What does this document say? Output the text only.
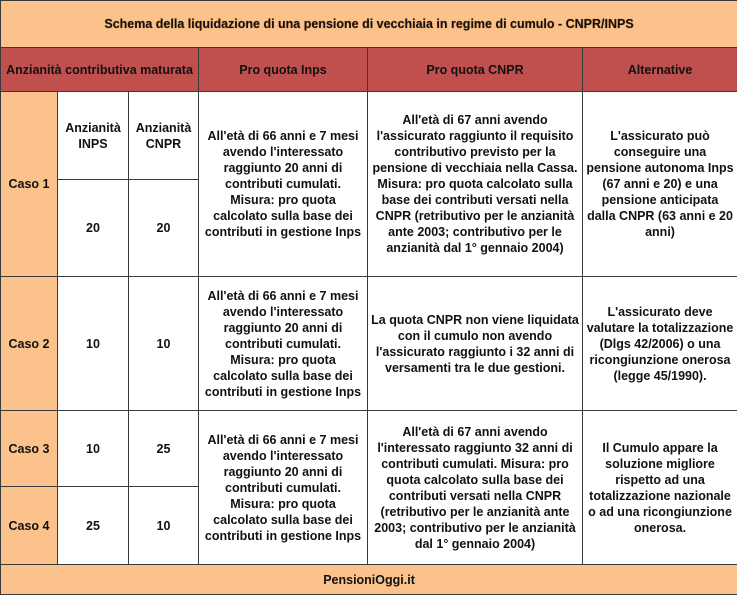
Schema della liquidazione di una pensione di vecchiaia in regime di cumulo - CNPR/INPS					
Anzianità contributiva maturata			Pro quota Inps	Pro quota CNPR	Alternative
Caso 1	Anzianità INPS	Anzianità CNPR	All'età di 66 anni e 7 mesi avendo l'interessato raggiunto 20 anni di contributi cumulati. Misura: pro quota calcolato sulla base dei contributi in gestione Inps	All'età di 67 anni avendo l'assicurato raggiunto il requisito contributivo previsto per la pensione di vecchiaia nella Cassa. Misura: pro quota calcolato sulla base dei contributi versati nella CNPR (retributivo per le anzianità ante 2003; contributivo per le anzianità dal 1° gennaio 2004)	L'assicurato può conseguire una pensione autonoma Inps (67 anni e 20) e una pensione anticipata dalla CNPR (63 anni e 20 anni)
	20	20			
Caso 2	10	10	All'età di 66 anni e 7 mesi avendo l'interessato raggiunto 20 anni di contributi cumulati. Misura: pro quota calcolato sulla base dei contributi in gestione Inps	La quota CNPR non viene liquidata con il cumulo non avendo l'assicurato raggiunto i 32 anni di versamenti tra le due gestioni.	L'assicurato deve valutare la totalizzazione (Dlgs 42/2006) o una ricongiunzione onerosa (legge 45/1990).
Caso 3	10	25	All'età di 66 anni e 7 mesi avendo l'interessato raggiunto 20 anni di contributi cumulati. Misura: pro quota calcolato sulla base dei contributi in gestione Inps	All'età di 67 anni avendo l'interessato raggiunto 32 anni di contributi cumulati. Misura: pro quota calcolato sulla base dei contributi versati nella CNPR (retributivo per le anzianità ante 2003; contributivo per le anzianità dal 1° gennaio 2004)	Il Cumulo appare la soluzione migliore rispetto ad una totalizzazione nazionale o ad una ricongiunzione onerosa.
Caso 4	25	10			
PensioniOggi.it					
